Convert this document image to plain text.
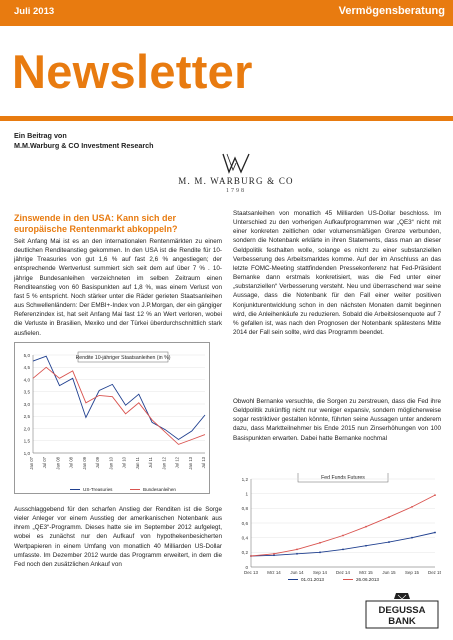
Juli 2013	Vermögensberatung
Newsletter
Ein Beitrag von
M.M.Warburg & CO Investment Research
M. M. WARBURG & CO
1798
Zinswende in den USA: Kann sich der europäische Rentenmarkt abkoppeln?
Seit Anfang Mai ist es an den internationalen Rentenmärkten zu einem deutlichen Renditeanstieg gekommen. In den USA ist die Rendite für 10-jährige Treasuries von gut 1,6 % auf fast 2,6 % angestiegen; der entsprechende Wertverlust summiert sich seit dem auf über 7 % . 10-jährige Bundesanleihen verzeichneten im selben Zeitraum einen Renditeanstieg von 60 Basispunkten auf 1,8 %, was einem Verlust von fast 5 % entspricht. Noch stärker unter die Räder gerieten Staatsanleihen aus Schwellenländern: Der EMBI+-Index von J.P.Morgan, der ein gängiger Referenzindex ist, hat seit Anfang Mai fast 12 % an Wert verloren, wobei die Verluste in Brasilien, Mexiko und der Türkei überdurchschnittlich stark ausfielen.
Rendite 10-jähriger Staatsanleihen (in %)
1,0
1,5
2,0
2,5
3,0
3,5
4,0
4,5
5,0
Jan 07 Jul 07 Jan 08 Jul 08 Jan 09 Jul 09 Jan 10 Jul 10 Jan 11 Jul 11 Jan 12 Jul 12 Jan 13 Jul 13
US-Treasuries	Bundesanleihen
Ausschlaggebend für den scharfen Anstieg der Renditen ist die Sorge vieler Anleger vor einem Ausstieg der amerikanischen Notenbank aus ihrem „QE3“-Programm. Dieses hatte sie im September 2012 aufgelegt, wobei es zunächst nur den Aufkauf von hypothekenbesicherten Wertpapieren in einem Umfang von monatlich 40 Milliarden US-Dollar umfasste. Im Dezember 2012 wurde das Programm erweitert, in dem die Fed noch den zusätzlichen Ankauf von
Staatsanleihen von monatlich 45 Milliarden US-Dollar beschloss. Im Unterschied zu den vorherigen Aufkaufprogrammen war „QE3“ nicht mit einer konkreten zeitlichen oder volumensmäßigen Grenze verbunden, sondern die Notenbank erklärte in ihren Statements, dass man an dieser Geldpolitik festhalten wolle, solange es nicht zu einer substanziellen Verbesserung des Arbeitsmarktes komme. Auf der im Anschluss an das letzte FOMC-Meeting stattfindenden Pressekonferenz hat Fed-Präsident Bernanke dann erstmals konkretisiert, was die Fed unter einer „substanziellen“ Verbesserung versteht. Neu und überraschend war seine Aussage, dass die Notenbank für den Fall einer weiter positiven Konjunkturentwicklung schon in den nächsten Monaten damit beginnen wird, die Anleihenkäufe zu reduzieren. Sobald die Arbeitslosenquote auf 7 % gefallen ist, was nach den Prognosen der Notenbank spätestens Mitte 2014 der Fall sein sollte, wird das Programm beendet.
Obwohl Bernanke versuchte, die Sorgen zu zerstreuen, dass die Fed ihre Geldpolitik zukünftig nicht nur weniger expansiv, sondern möglicherweise sogar restriktiver gestalten könnte, führten seine Aussagen unter anderem dazu, dass Marktteilnehmer bis Ende 2015 nun Zinserhöhungen von 100 Basispunkten erwarten. Dabei hatte Bernanke nochmal
Fed Funds Futures
0
0,2
0,4
0,6
0,8
1
1,2
Dec 13 Mrz 14 Jun 14 Sep 14 Dez 14 Mrz 15 Jun 15 Sep 15 Dez 15
01.01.2013	26.06.2013
DEGUSSA
BANK
